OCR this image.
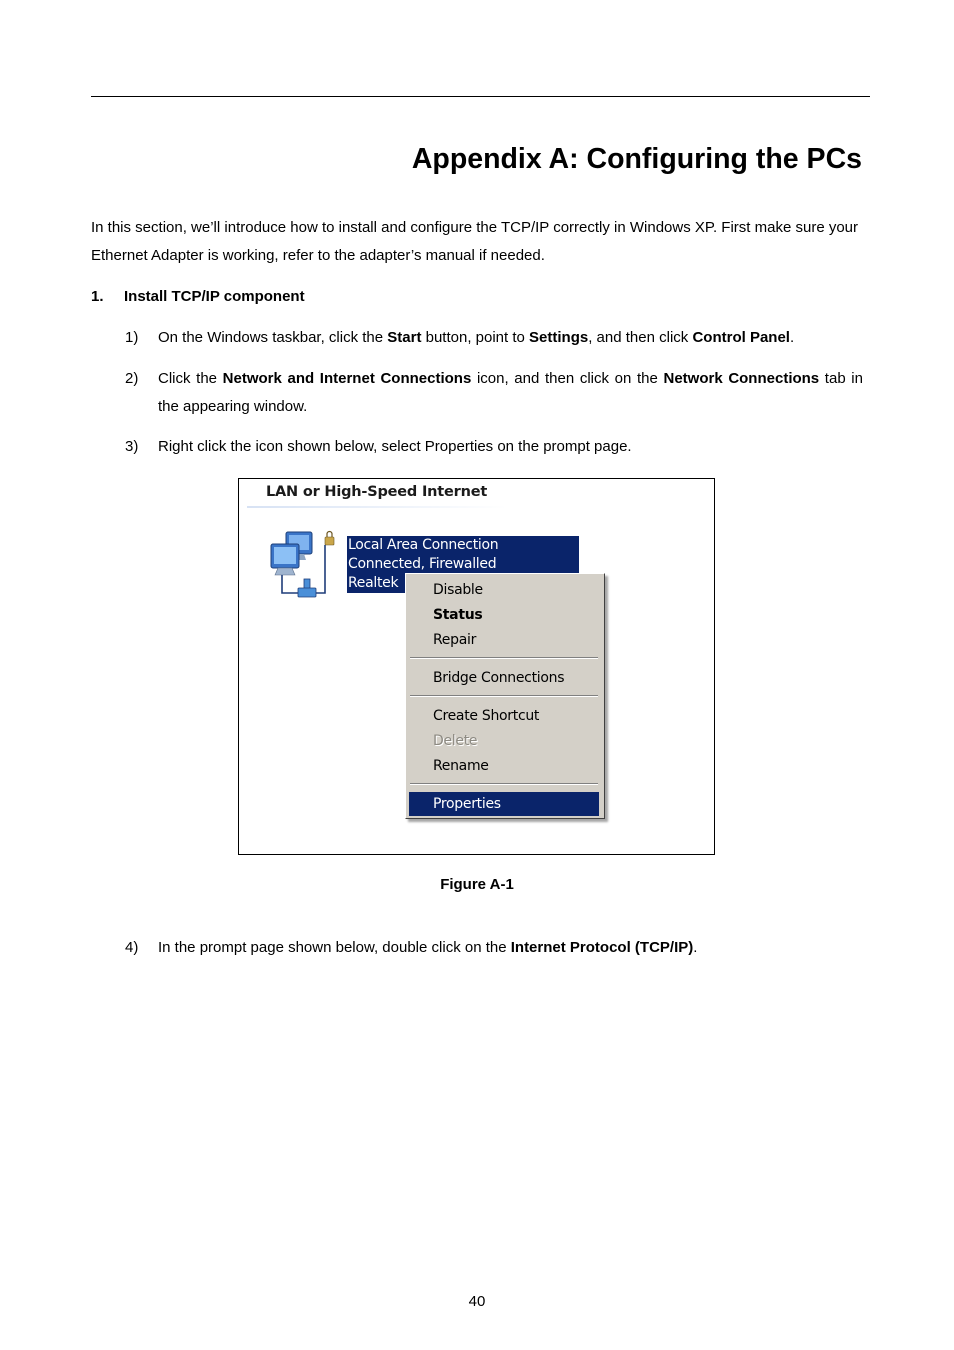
Appendix A: Configuring the PCs

In this section, we’ll introduce how to install and configure the TCP/IP correctly in Windows XP. First make sure your Ethernet Adapter is working, refer to the adapter’s manual if needed.

1. Install TCP/IP component

1) On the Windows taskbar, click the Start button, point to Settings, and then click Control Panel.
2) Click the Network and Internet Connections icon, and then click on the Network Connections tab in the appearing window.
3) Right click the icon shown below, select Properties on the prompt page.
LAN or High-Speed Internet
Local Area Connection
Connected, Firewalled
Realtek	Disable
Status
Repair
Bridge Connections
Create Shortcut
Delete
Rename
Properties

Figure A-1

4) In the prompt page shown below, double click on the Internet Protocol (TCP/IP).

40
